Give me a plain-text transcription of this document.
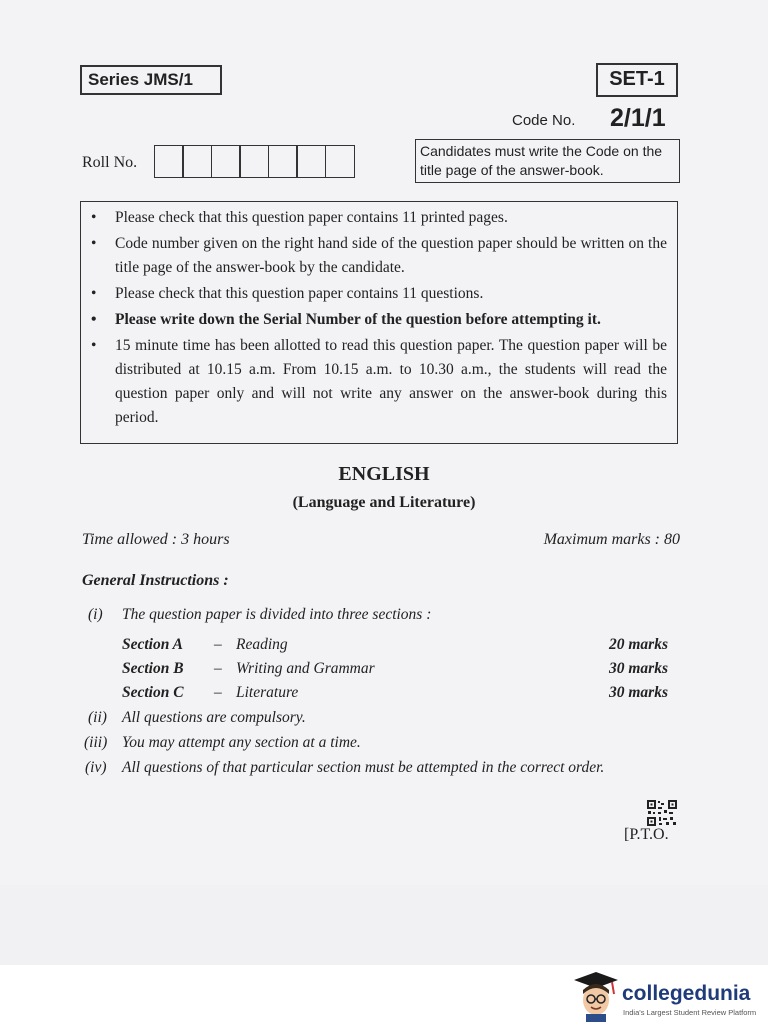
Series JMS/1	SET-1
Code No. 2/1/1
Roll No.
Candidates must write the Code on the title page of the answer-book.
• Please check that this question paper contains 11 printed pages.
• Code number given on the right hand side of the question paper should be written on the title page of the answer-book by the candidate.
• Please check that this question paper contains 11 questions.
• Please write down the Serial Number of the question before attempting it.
• 15 minute time has been allotted to read this question paper. The question paper will be distributed at 10.15 a.m. From 10.15 a.m. to 10.30 a.m., the students will read the question paper only and will not write any answer on the answer-book during this period.
ENGLISH
(Language and Literature)
Time allowed : 3 hours	Maximum marks : 80
General Instructions :
(i) The question paper is divided into three sections :
Section A – Reading	20 marks
Section B – Writing and Grammar	30 marks
Section C – Literature	30 marks
(ii) All questions are compulsory.
(iii) You may attempt any section at a time.
(iv) All questions of that particular section must be attempted in the correct order.
[P.T.O.
collegedunia
India's Largest Student Review Platform
